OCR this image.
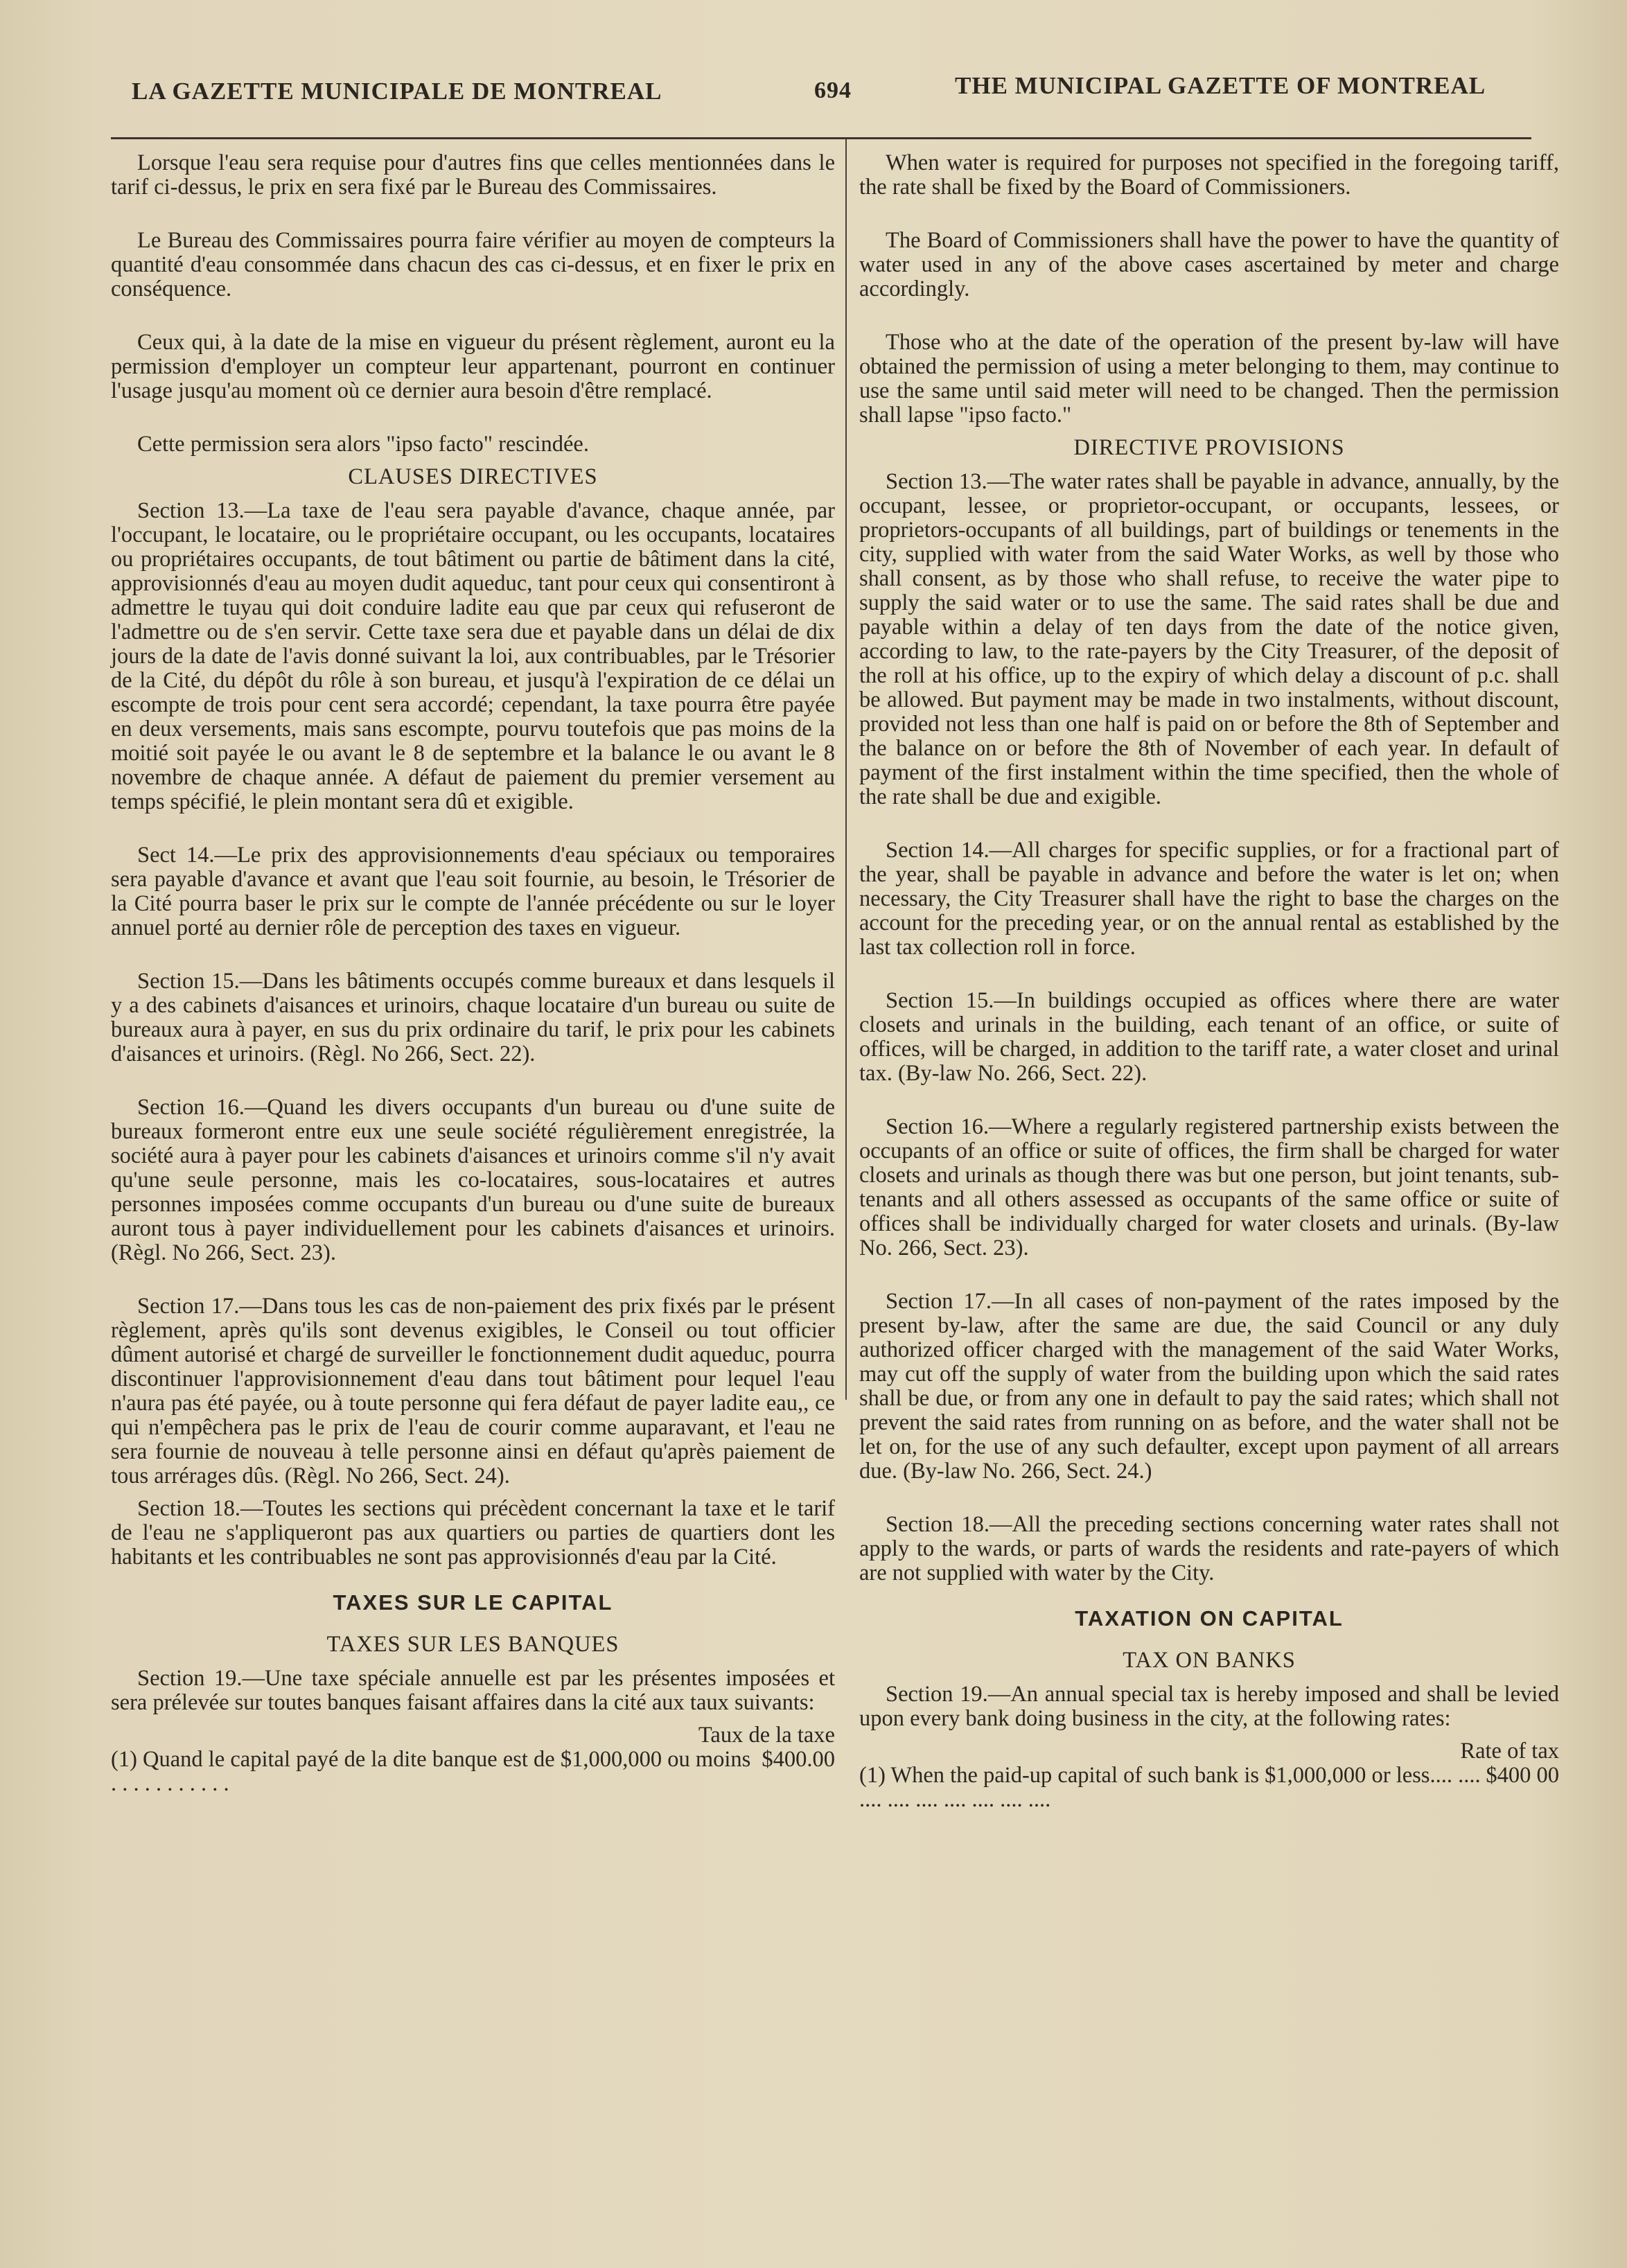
LA GAZETTE MUNICIPALE DE MONTREAL	694	THE MUNICIPAL GAZETTE OF MONTREAL

Lorsque l'eau sera requise pour d'autres fins que celles mentionnées dans le tarif ci-dessus, le prix en sera fixé par le Bureau des Commissaires.

Le Bureau des Commissaires pourra faire vérifier au moyen de compteurs la quantité d'eau consommée dans chacun des cas ci-dessus, et en fixer le prix en conséquence.

Ceux qui, à la date de la mise en vigueur du présent règlement, auront eu la permission d'employer un compteur leur appartenant, pourront en continuer l'usage jusqu'au moment où ce dernier aura besoin d'être remplacé.

Cette permission sera alors "ipso facto" rescindée.

CLAUSES DIRECTIVES

Section 13.—La taxe de l'eau sera payable d'avance, chaque année, par l'occupant, le locataire, ou le propriétaire occupant, ou les occupants, locataires ou propriétaires occupants, de tout bâtiment ou partie de bâtiment dans la cité, approvisionnés d'eau au moyen dudit aqueduc, tant pour ceux qui consentiront à admettre le tuyau qui doit conduire ladite eau que par ceux qui refuseront de l'admettre ou de s'en servir. Cette taxe sera due et payable dans un délai de dix jours de la date de l'avis donné suivant la loi, aux contribuables, par le Trésorier de la Cité, du dépôt du rôle à son bureau, et jusqu'à l'expiration de ce délai un escompte de trois pour cent sera accordé; cependant, la taxe pourra être payée en deux versements, mais sans escompte, pourvu toutefois que pas moins de la moitié soit payée le ou avant le 8 de septembre et la balance le ou avant le 8 novembre de chaque année. A défaut de paiement du premier versement au temps spécifié, le plein montant sera dû et exigible.

Sect 14.—Le prix des approvisionnements d'eau spéciaux ou temporaires sera payable d'avance et avant que l'eau soit fournie, au besoin, le Trésorier de la Cité pourra baser le prix sur le compte de l'année précédente ou sur le loyer annuel porté au dernier rôle de perception des taxes en vigueur.

Section 15.—Dans les bâtiments occupés comme bureaux et dans lesquels il y a des cabinets d'aisances et urinoirs, chaque locataire d'un bureau ou suite de bureaux aura à payer, en sus du prix ordinaire du tarif, le prix pour les cabinets d'aisances et urinoirs. (Règl. No 266, Sect. 22).

Section 16.—Quand les divers occupants d'un bureau ou d'une suite de bureaux formeront entre eux une seule société régulièrement enregistrée, la société aura à payer pour les cabinets d'aisances et urinoirs comme s'il n'y avait qu'une seule personne, mais les co-locataires, sous-locataires et autres personnes imposées comme occupants d'un bureau ou d'une suite de bureaux auront tous à payer individuellement pour les cabinets d'aisances et urinoirs. (Règl. No 266, Sect. 23).

Section 17.—Dans tous les cas de non-paiement des prix fixés par le présent règlement, après qu'ils sont devenus exigibles, le Conseil ou tout officier dûment autorisé et chargé de surveiller le fonctionnement dudit aqueduc, pourra discontinuer l'approvisionnement d'eau dans tout bâtiment pour lequel l'eau n'aura pas été payée, ou à toute personne qui fera défaut de payer ladite eau,, ce qui n'empêchera pas le prix de l'eau de courir comme auparavant, et l'eau ne sera fournie de nouveau à telle personne ainsi en défaut qu'après paiement de tous arrérages dûs. (Règl. No 266, Sect. 24).

Section 18.—Toutes les sections qui précèdent concernant la taxe et le tarif de l'eau ne s'appliqueront pas aux quartiers ou parties de quartiers dont les habitants et les contribuables ne sont pas approvisionnés d'eau par la Cité.

TAXES SUR LE CAPITAL
TAXES SUR LES BANQUES

Section 19.—Une taxe spéciale annuelle est par les présentes imposées et sera prélevée sur toutes banques faisant affaires dans la cité aux taux suivants:

Taux de la taxe
(1) Quand le capital payé de la dite banque est de $1,000,000 ou moins . . . . . . . . . . .
$400.00

When water is required for purposes not specified in the foregoing tariff, the rate shall be fixed by the Board of Commissioners.

The Board of Commissioners shall have the power to have the quantity of water used in any of the above cases ascertained by meter and charge accordingly.

Those who at the date of the operation of the present by-law will have obtained the permission of using a meter belonging to them, may continue to use the same until said meter will need to be changed. Then the permission shall lapse "ipso facto."

DIRECTIVE PROVISIONS

Section 13.—The water rates shall be payable in advance, annually, by the occupant, lessee, or proprietor-occupant, or occupants, lessees, or proprietors-occupants of all buildings, part of buildings or tenements in the city, supplied with water from the said Water Works, as well by those who shall consent, as by those who shall refuse, to receive the water pipe to supply the said water or to use the same. The said rates shall be due and payable within a delay of ten days from the date of the notice given, according to law, to the rate-payers by the City Treasurer, of the deposit of the roll at his office, up to the expiry of which delay a discount of p.c. shall be allowed. But payment may be made in two instalments, without discount, provided not less than one half is paid on or before the 8th of September and the balance on or before the 8th of November of each year. In default of payment of the first instalment within the time specified, then the whole of the rate shall be due and exigible.

Section 14.—All charges for specific supplies, or for a fractional part of the year, shall be payable in advance and before the water is let on; when necessary, the City Treasurer shall have the right to base the charges on the account for the preceding year, or on the annual rental as established by the last tax collection roll in force.

Section 15.—In buildings occupied as offices where there are water closets and urinals in the building, each tenant of an office, or suite of offices, will be charged, in addition to the tariff rate, a water closet and urinal tax. (By-law No. 266, Sect. 22).

Section 16.—Where a regularly registered partnership exists between the occupants of an office or suite of offices, the firm shall be charged for water closets and urinals as though there was but one person, but joint tenants, sub-tenants and all others assessed as occupants of the same office or suite of offices shall be individually charged for water closets and urinals. (By-law No. 266, Sect. 23).

Section 17.—In all cases of non-payment of the rates imposed by the present by-law, after the same are due, the said Council or any duly authorized officer charged with the management of the said Water Works, may cut off the supply of water from the building upon which the said rates shall be due, or from any one in default to pay the said rates; which shall not prevent the said rates from running on as before, and the water shall not be let on, for the use of any such defaulter, except upon payment of all arrears due. (By-law No. 266, Sect. 24.)

Section 18.—All the preceding sections concerning water rates shall not apply to the wards, or parts of wards the residents and rate-payers of which are not supplied with water by the City.

TAXATION ON CAPITAL
TAX ON BANKS

Section 19.—An annual special tax is hereby imposed and shall be levied upon every bank doing business in the city, at the following rates:

Rate of tax
(1) When the paid-up capital of such bank is $1,000,000 or less.... .... .... .... .... .... .... .... ....
$400 00
